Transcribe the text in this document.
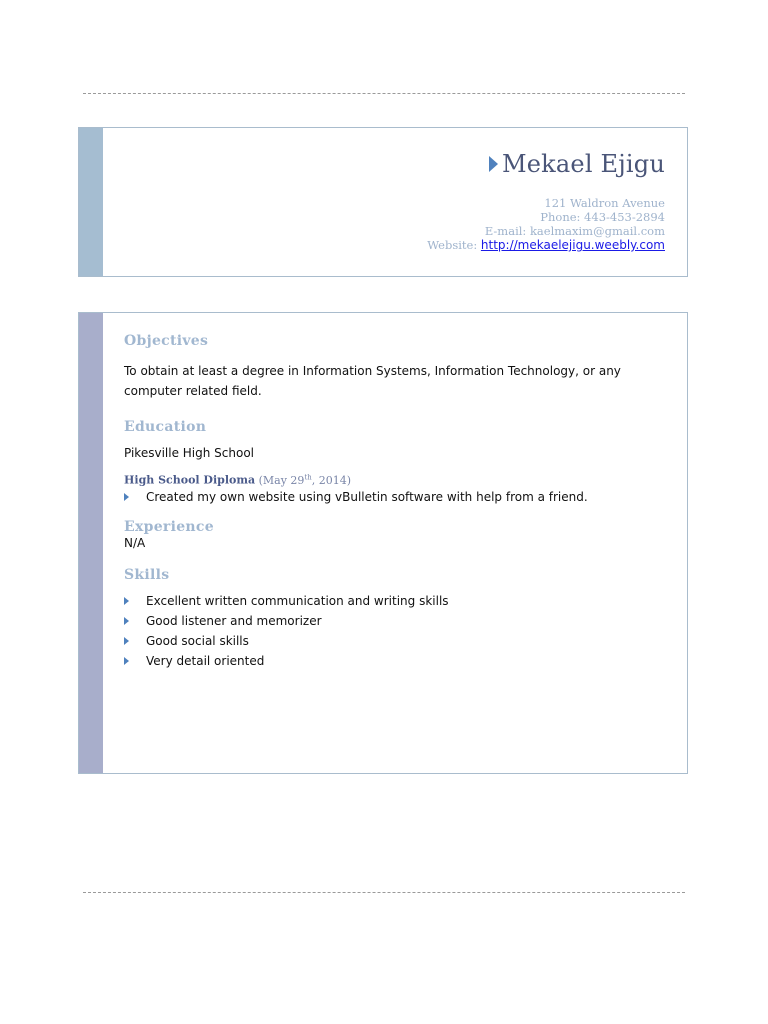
Mekael Ejigu
121 Waldron Avenue
Phone: 443-453-2894
E-mail: kaelmaxim@gmail.com
Website: http://mekaelejigu.weebly.com
Objectives

To obtain at least a degree in Information Systems, Information Technology, or any computer related field.

Education

Pikesville High School

High School Diploma (May 29th, 2014)

Created my own website using vBulletin software with help from a friend.
Experience

N/A

Skills
Excellent written communication and writing skills
Good listener and memorizer
Good social skills
Very detail oriented
